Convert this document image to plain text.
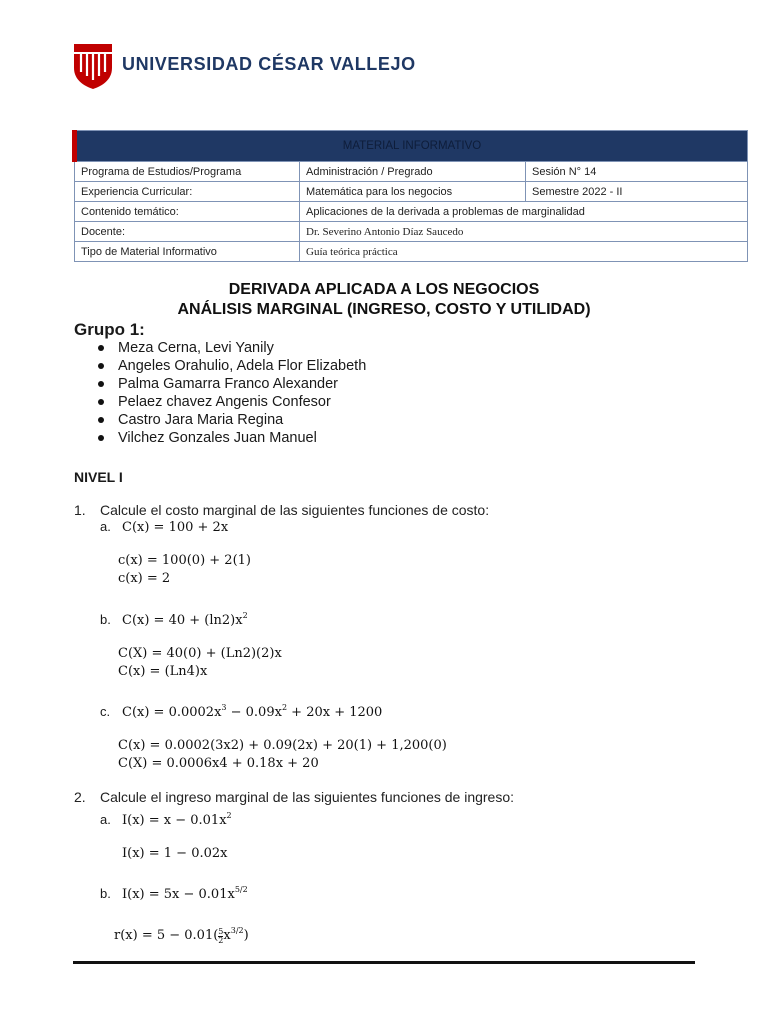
UNIVERSIDAD CÉSAR VALLEJO
MATERIAL INFORMATIVO		
Programa de Estudios/Programa	Administración / Pregrado	Sesión N° 14
Experiencia Curricular:	Matemática para los negocios	Semestre 2022 - II
Contenido temático:	Aplicaciones de la derivada a problemas de marginalidad	
Docente:	Dr. Severino Antonio Díaz Saucedo	
Tipo de Material Informativo	Guía teórica práctica	
DERIVADA APLICADA A LOS NEGOCIOS
ANÁLISIS MARGINAL (INGRESO, COSTO Y UTILIDAD)
Grupo 1:
Meza Cerna, Levi Yanily
Angeles Orahulio, Adela Flor Elizabeth
Palma Gamarra Franco Alexander
Pelaez chavez Angenis Confesor
Castro Jara Maria Regina
Vilchez Gonzales Juan Manuel
NIVEL I
1. Calcule el costo marginal de las siguientes funciones de costo:
a. C(x) = 100 + 2x
c(x) = 100(0) + 2(1)
c(x) = 2
b. $C(x) = 40 + (\ln 2)x^2$
C(X) = 40(0) + (Ln2)(2)x
C(x) = (Ln4)x
c. $C(x) = 0.0002x^3 - 0.09x^2 + 20x + 1200$
C(x) = 0.0002(3x2) + 0.09(2x) + 20(1) + 1,200(0)
C(X) = 0.0006x4 + 0.18x + 20
2. Calcule el ingreso marginal de las siguientes funciones de ingreso:
a. $I(x) = x - 0.01x^2$
I(x) = 1 − 0.02x
b. $I(x) = 5x - 0.01x^{5/2}$
$r(x) = 5 - 0.01( \frac{5}{2} x^{3/2})$
